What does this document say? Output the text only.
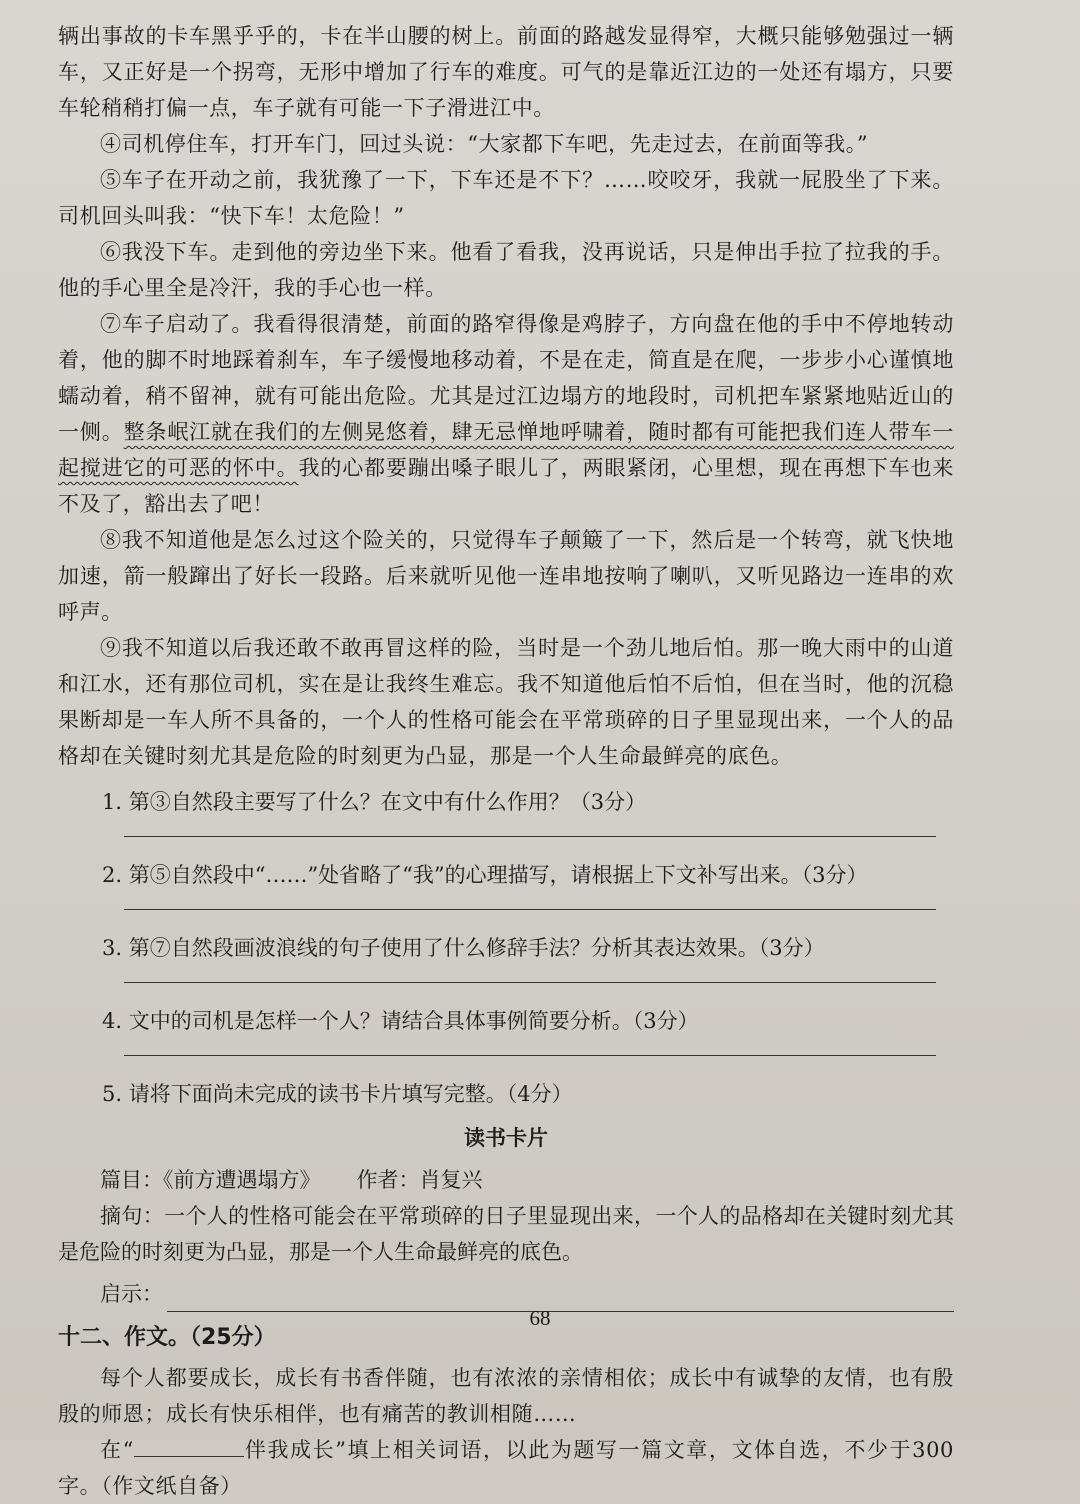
辆出事故的卡车黑乎乎的，卡在半山腰的树上。前面的路越发显得窄，大概只能够勉强过一辆车，又正好是一个拐弯，无形中增加了行车的难度。可气的是靠近江边的一处还有塌方，只要车轮稍稍打偏一点，车子就有可能一下子滑进江中。

④司机停住车，打开车门，回过头说：“大家都下车吧，先走过去，在前面等我。”

⑤车子在开动之前，我犹豫了一下，下车还是不下？……咬咬牙，我就一屁股坐了下来。司机回头叫我：“快下车！太危险！”

⑥我没下车。走到他的旁边坐下来。他看了看我，没再说话，只是伸出手拉了拉我的手。他的手心里全是冷汗，我的手心也一样。

⑦车子启动了。我看得很清楚，前面的路窄得像是鸡脖子，方向盘在他的手中不停地转动着，他的脚不时地踩着刹车，车子缓慢地移动着，不是在走，简直是在爬，一步步小心谨慎地蠕动着，稍不留神，就有可能出危险。尤其是过江边塌方的地段时，司机把车紧紧地贴近山的一侧。整条岷江就在我们的左侧晃悠着，肆无忌惮地呼啸着，随时都有可能把我们连人带车一起搅进它的可恶的怀中。我的心都要蹦出嗓子眼儿了，两眼紧闭，心里想，现在再想下车也来不及了，豁出去了吧！

⑧我不知道他是怎么过这个险关的，只觉得车子颠簸了一下，然后是一个转弯，就飞快地加速，箭一般蹿出了好长一段路。后来就听见他一连串地按响了喇叭，又听见路边一连串的欢呼声。

⑨我不知道以后我还敢不敢再冒这样的险，当时是一个劲儿地后怕。那一晚大雨中的山道和江水，还有那位司机，实在是让我终生难忘。我不知道他后怕不后怕，但在当时，他的沉稳果断却是一车人所不具备的，一个人的性格可能会在平常琐碎的日子里显现出来，一个人的品格却在关键时刻尤其是危险的时刻更为凸显，那是一个人生命最鲜亮的底色。

1. 第③自然段主要写了什么？在文中有什么作用？（3分）

2. 第⑤自然段中“……”处省略了“我”的心理描写，请根据上下文补写出来。（3分）

3. 第⑦自然段画波浪线的句子使用了什么修辞手法？分析其表达效果。（3分）

4. 文中的司机是怎样一个人？请结合具体事例简要分析。（3分）

5. 请将下面尚未完成的读书卡片填写完整。（4分）

读书卡片

篇目：《前方遭遇塌方》 作者：肖复兴

摘句：一个人的性格可能会在平常琐碎的日子里显现出来，一个人的品格却在关键时刻尤其是危险的时刻更为凸显，那是一个人生命最鲜亮的底色。

启示：
十二、作文。（25分）

每个人都要成长，成长有书香伴随，也有浓浓的亲情相依；成长中有诚挚的友情，也有殷殷的师恩；成长有快乐相伴，也有痛苦的教训相随……

在“	伴我成长”填上相关词语，以此为题写一篇文章，文体自选，不少于300字。（作文纸自备）

68
